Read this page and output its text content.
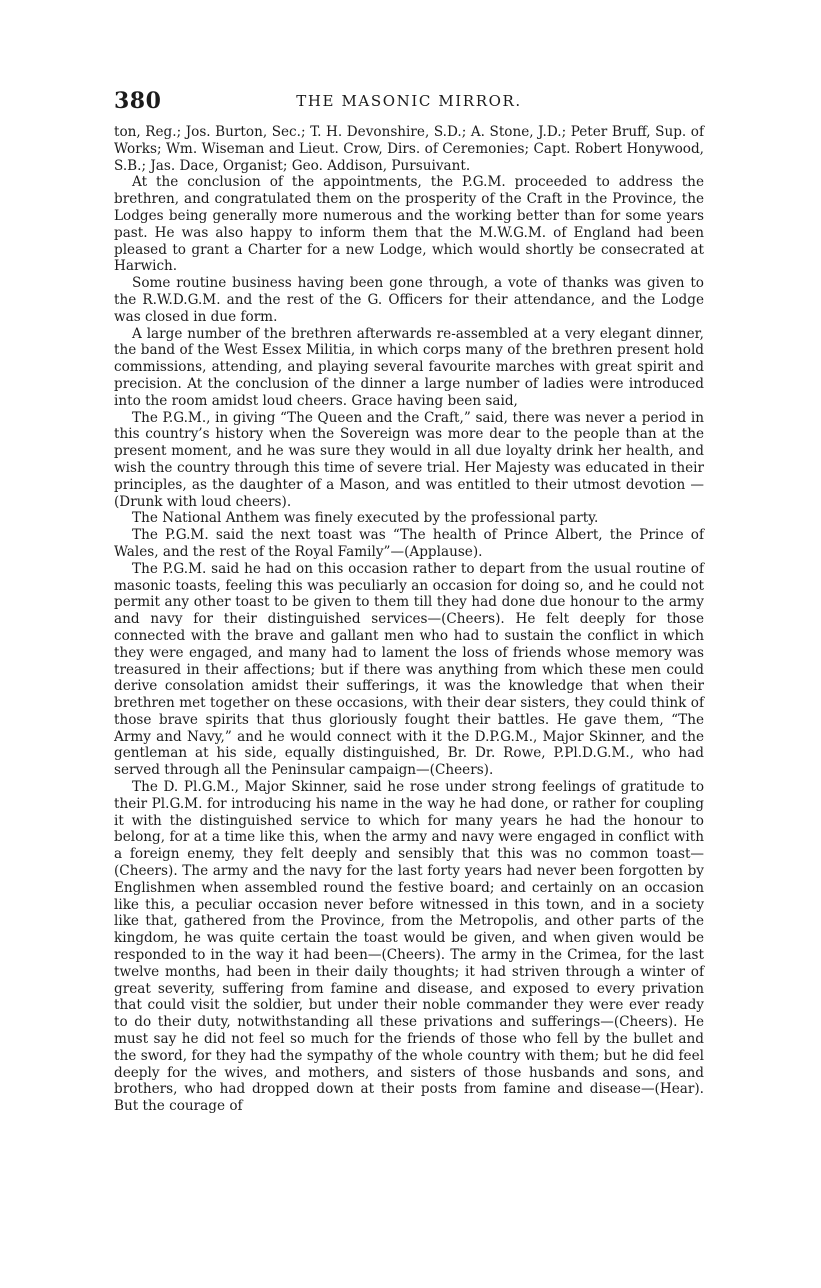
380	THE MASONIC MIRROR.

ton, Reg.; Jos. Burton, Sec.; T. H. Devonshire, S.D.; A. Stone, J.D.; Peter Bruff, Sup. of Works; Wm. Wiseman and Lieut. Crow, Dirs. of Ceremonies; Capt. Robert Honywood, S.B.; Jas. Dace, Organist; Geo. Addison, Pursuivant.

At the conclusion of the appointments, the P.G.M. proceeded to address the brethren, and congratulated them on the prosperity of the Craft in the Province, the Lodges being generally more numerous and the working better than for some years past. He was also happy to inform them that the M.W.G.M. of England had been pleased to grant a Charter for a new Lodge, which would shortly be consecrated at Harwich.

Some routine business having been gone through, a vote of thanks was given to the R.W.D.G.M. and the rest of the G. Officers for their attendance, and the Lodge was closed in due form.

A large number of the brethren afterwards re-assembled at a very elegant dinner, the band of the West Essex Militia, in which corps many of the brethren present hold commissions, attending, and playing several favourite marches with great spirit and precision. At the conclusion of the dinner a large number of ladies were introduced into the room amidst loud cheers. Grace having been said,

The P.G.M., in giving “The Queen and the Craft,” said, there was never a period in this country’s history when the Sovereign was more dear to the people than at the present moment, and he was sure they would in all due loyalty drink her health, and wish the country through this time of severe trial. Her Majesty was educated in their principles, as the daughter of a Mason, and was entitled to their utmost devotion —(Drunk with loud cheers).

The National Anthem was finely executed by the professional party.

The P.G.M. said the next toast was “The health of Prince Albert, the Prince of Wales, and the rest of the Royal Family”—(Applause).

The P.G.M. said he had on this occasion rather to depart from the usual routine of masonic toasts, feeling this was peculiarly an occasion for doing so, and he could not permit any other toast to be given to them till they had done due honour to the army and navy for their distinguished services—(Cheers). He felt deeply for those connected with the brave and gallant men who had to sustain the conflict in which they were engaged, and many had to lament the loss of friends whose memory was treasured in their affections; but if there was anything from which these men could derive consolation amidst their sufferings, it was the knowledge that when their brethren met together on these occasions, with their dear sisters, they could think of those brave spirits that thus gloriously fought their battles. He gave them, “The Army and Navy,” and he would connect with it the D.P.G.M., Major Skinner, and the gentleman at his side, equally distinguished, Br. Dr. Rowe, P.Pl.D.G.M., who had served through all the Peninsular campaign—(Cheers).

The D. Pl.G.M., Major Skinner, said he rose under strong feelings of gratitude to their Pl.G.M. for introducing his name in the way he had done, or rather for coupling it with the distinguished service to which for many years he had the honour to belong, for at a time like this, when the army and navy were engaged in conflict with a foreign enemy, they felt deeply and sensibly that this was no common toast—(Cheers). The army and the navy for the last forty years had never been forgotten by Englishmen when assembled round the festive board; and certainly on an occasion like this, a peculiar occasion never before witnessed in this town, and in a society like that, gathered from the Province, from the Metropolis, and other parts of the kingdom, he was quite certain the toast would be given, and when given would be responded to in the way it had been—(Cheers). The army in the Crimea, for the last twelve months, had been in their daily thoughts; it had striven through a winter of great severity, suffering from famine and disease, and exposed to every privation that could visit the soldier, but under their noble commander they were ever ready to do their duty, notwithstanding all these privations and sufferings—(Cheers). He must say he did not feel so much for the friends of those who fell by the bullet and the sword, for they had the sympathy of the whole country with them; but he did feel deeply for the wives, and mothers, and sisters of those husbands and sons, and brothers, who had dropped down at their posts from famine and disease—(Hear). But the courage of
